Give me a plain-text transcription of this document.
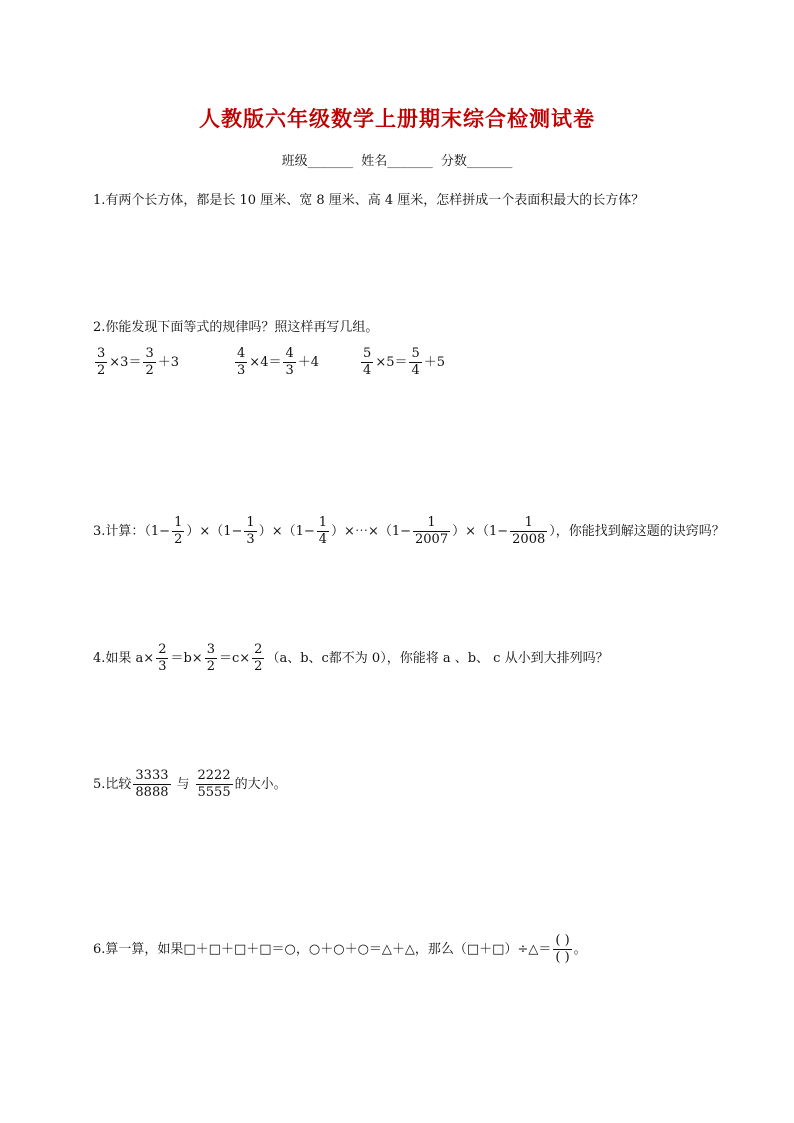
人教版六年级数学上册期末综合检测试卷
班级_______ 姓名_______ 分数_______
1.有两个长方体，都是长 10 厘米、宽 8 厘米、高 4 厘米，怎样拼成一个表面积最大的长方体？
2.你能发现下面等式的规律吗？照这样再写几组。
$\frac{3}{2} \times 3= \frac{3}{2} +3$	$\frac{4}{3} \times 4= \frac{4}{3} +4$	$\frac{5}{4} \times 5= \frac{5}{4} +5$
3.计算：$(1- \frac{1}{2} )\times(1- \frac{1}{3} )\times(1- \frac{1}{4}$ ）×⋯×（1− $\frac{1}{2007} )\times(1- \frac{1}{2008}$ ），你能找到解这题的诀窍吗？
4.如果 $a\times \frac{2}{3} =b\times \frac{3}{2} =c\times \frac{2}{2} (a$、b、c都不为 0），你能将 a 、b、 c 从小到大排列吗？
5.比较 $\frac{3333}{8888}$ 与 $\frac{2222}{5555}$ 的大小。
6.算一算，如果□＋□＋□＋□＝○，○＋○＋○＝△＋△，那么（□＋□）÷△＝ $\frac{( )}{( )}$ 。
